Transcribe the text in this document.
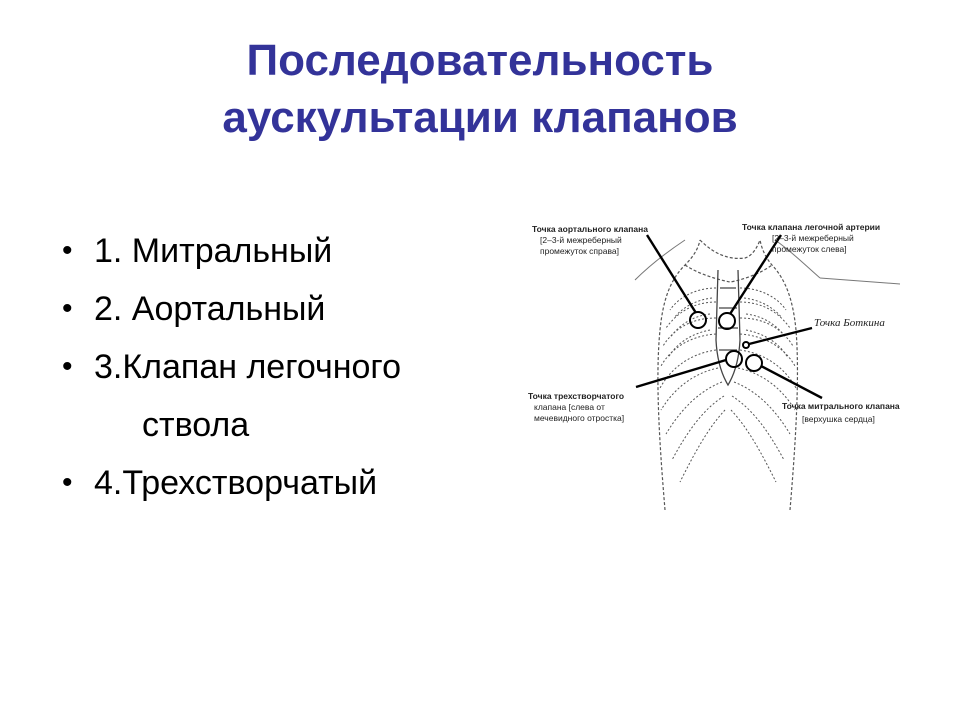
Последовательность
аускультации клапанов
• 1. Митральный
• 2. Аортальный
• 3.Клапан легочного
ствола
• 4.Трехстворчатый
Точка аортального клапана
[2–3-й межреберный
промежуток справа]
Точка клапана легочной артерии
[2–3-й межреберный
промежуток слева]
Точка Боткина
Точка трехстворчатого
клапана [слева от
мечевидного отростка]
Точка митрального клапана
[верхушка сердца]
